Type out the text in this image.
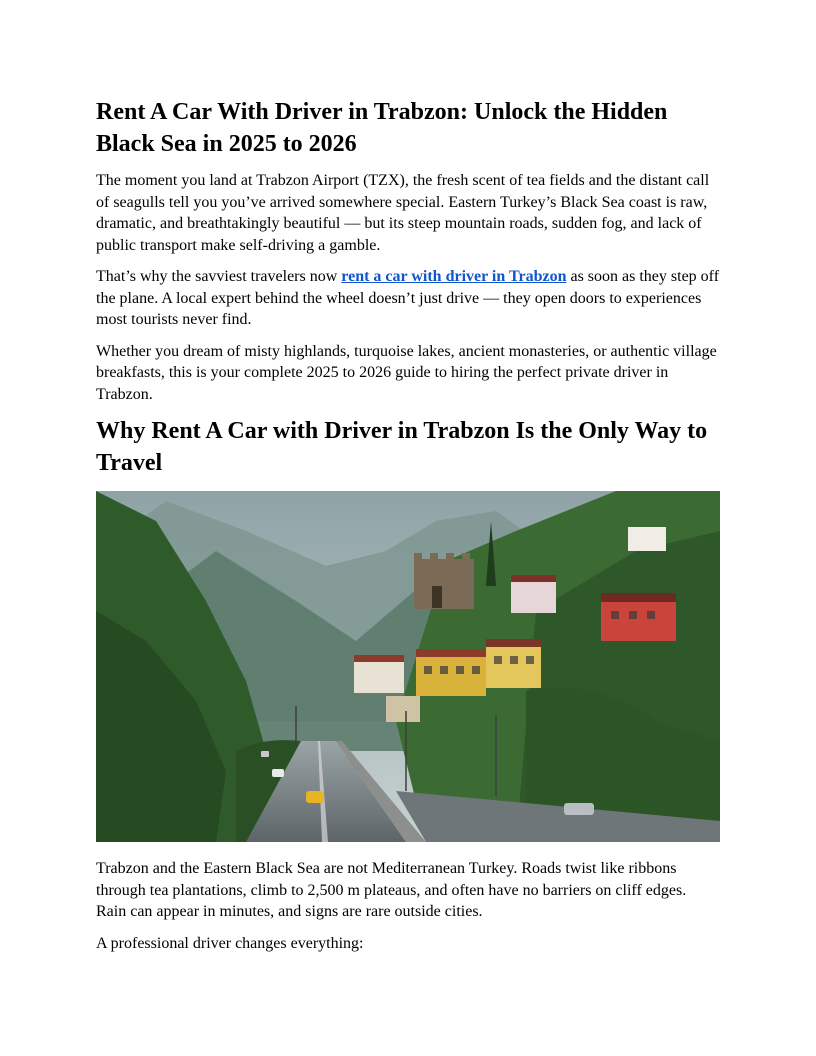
Rent A Car With Driver in Trabzon: Unlock the Hidden Black Sea in 2025 to 2026

The moment you land at Trabzon Airport (TZX), the fresh scent of tea fields and the distant call of seagulls tell you you’ve arrived somewhere special. Eastern Turkey’s Black Sea coast is raw, dramatic, and breathtakingly beautiful — but its steep mountain roads, sudden fog, and lack of public transport make self-driving a gamble.

That’s why the savviest travelers now rent a car with driver in Trabzon as soon as they step off the plane. A local expert behind the wheel doesn’t just drive — they open doors to experiences most tourists never find.

Whether you dream of misty highlands, turquoise lakes, ancient monasteries, or authentic village breakfasts, this is your complete 2025 to 2026 guide to hiring the perfect private driver in Trabzon.

Why Rent A Car with Driver in Trabzon Is the Only Way to Travel

Trabzon and the Eastern Black Sea are not Mediterranean Turkey. Roads twist like ribbons through tea plantations, climb to 2,500 m plateaus, and often have no barriers on cliff edges. Rain can appear in minutes, and signs are rare outside cities.

A professional driver changes everything:
